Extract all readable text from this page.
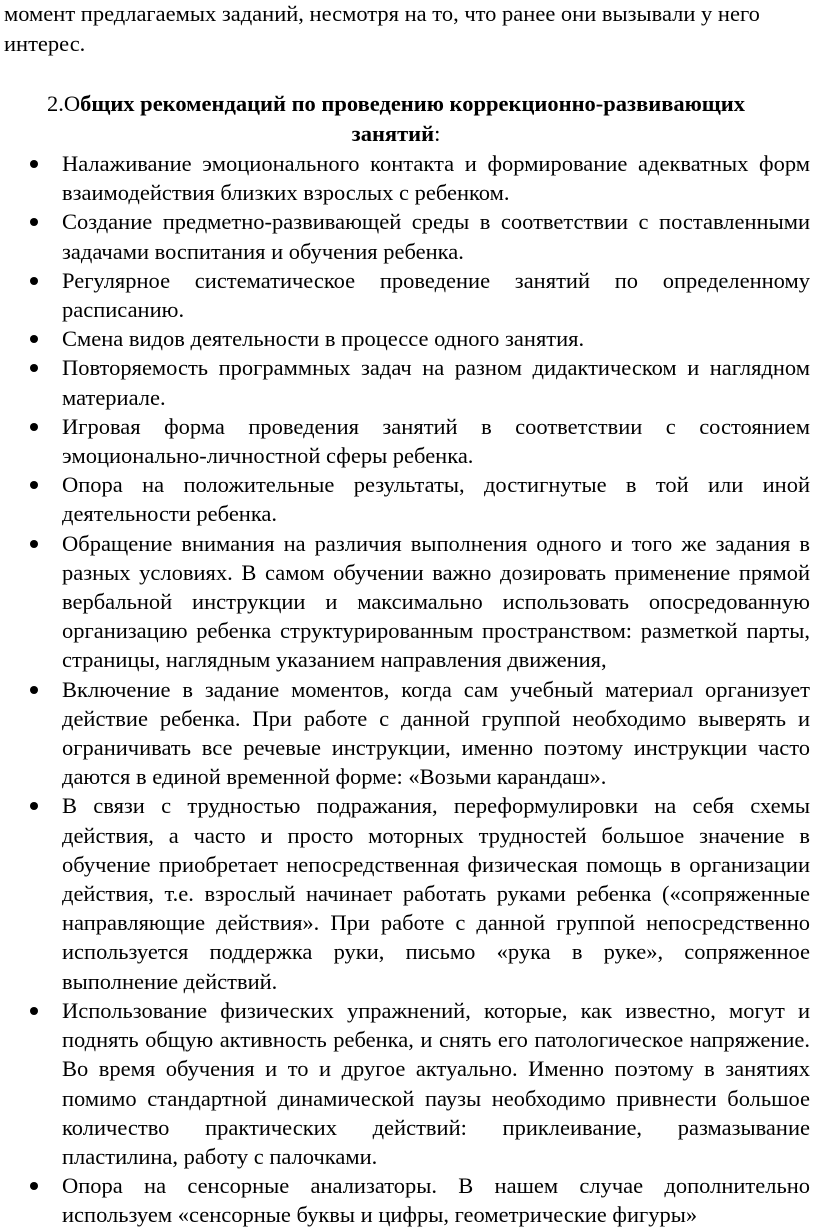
момент предлагаемых заданий, несмотря на то, что ранее они вызывали у него

интерес.

2.Общих рекомендаций по проведению коррекционно-развивающих занятий:

Налаживание эмоционального контакта и формирование адекватных форм взаимодействия близких взрослых с ребенком.
Создание предметно-развивающей среды в соответствии с поставленными задачами воспитания и обучения ребенка.
Регулярное систематическое проведение занятий по определенному расписанию.
Смена видов деятельности в процессе одного занятия.
Повторяемость программных задач на разном дидактическом и наглядном материале.
Игровая форма проведения занятий в соответствии с состоянием эмоционально-личностной сферы ребенка.
Опора на положительные результаты, достигнутые в той или иной деятельности ребенка.
Обращение внимания на различия выполнения одного и того же задания в разных условиях. В самом обучении важно дозировать применение прямой вербальной инструкции и максимально использовать опосредованную организацию ребенка структурированным пространством: разметкой парты, страницы, наглядным указанием направления движения,
Включение в задание моментов, когда сам учебный материал организует действие ребенка. При работе с данной группой необходимо выверять и ограничивать все речевые инструкции, именно поэтому инструкции часто даются в единой временной форме: «Возьми карандаш».
В связи с трудностью подражания, переформулировки на себя схемы действия, а часто и просто моторных трудностей большое значение в обучение приобретает непосредственная физическая помощь в организации действия, т.е. взрослый начинает работать руками ребенка («сопряженные направляющие действия». При работе с данной группой непосредственно используется поддержка руки, письмо «рука в руке», сопряженное выполнение действий.
Использование физических упражнений, которые, как известно, могут и поднять общую активность ребенка, и снять его патологическое напряжение. Во время обучения и то и другое актуально. Именно поэтому в занятиях помимо стандартной динамической паузы необходимо привнести большое количество практических действий: приклеивание, размазывание пластилина, работу с палочками.
Опора на сенсорные анализаторы. В нашем случае дополнительно используем «сенсорные буквы и цифры, геометрические фигуры»
